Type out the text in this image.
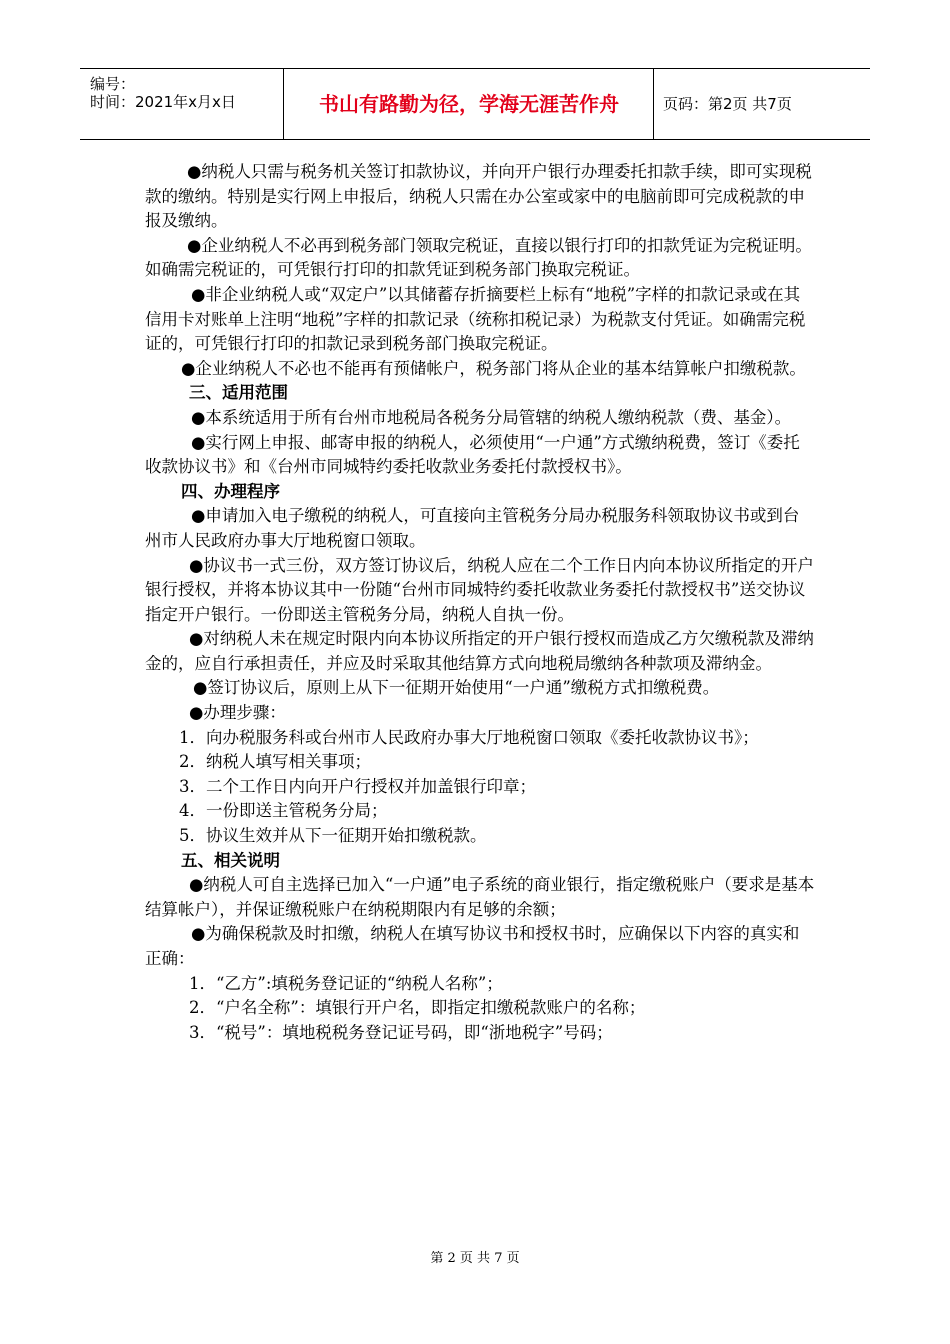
编号：
时间：2021年x月x日	书山有路勤为径，学海无涯苦作舟	页码：第2页 共7页

●纳税人只需与税务机关签订扣款协议，并向开户银行办理委托扣款手续，即可实现税款的缴纳。特别是实行网上申报后，纳税人只需在办公室或家中的电脑前即可完成税款的申报及缴纳。

●企业纳税人不必再到税务部门领取完税证，直接以银行打印的扣款凭证为完税证明。如确需完税证的，可凭银行打印的扣款凭证到税务部门换取完税证。

●非企业纳税人或“双定户”以其储蓄存折摘要栏上标有“地税”字样的扣款记录或在其信用卡对账单上注明“地税”字样的扣款记录（统称扣税记录）为税款支付凭证。如确需完税证的，可凭银行打印的扣款记录到税务部门换取完税证。

●企业纳税人不必也不能再有预储帐户，税务部门将从企业的基本结算帐户扣缴税款。

三、适用范围

●本系统适用于所有台州市地税局各税务分局管辖的纳税人缴纳税款（费、基金）。

●实行网上申报、邮寄申报的纳税人，必须使用“一户通”方式缴纳税费，签订《委托收款协议书》和《台州市同城特约委托收款业务委托付款授权书》。

四、办理程序

●申请加入电子缴税的纳税人，可直接向主管税务分局办税服务科领取协议书或到台州市人民政府办事大厅地税窗口领取。

●协议书一式三份，双方签订协议后，纳税人应在二个工作日内向本协议所指定的开户银行授权，并将本协议其中一份随“台州市同城特约委托收款业务委托付款授权书”送交协议指定开户银行。一份即送主管税务分局，纳税人自执一份。

●对纳税人未在规定时限内向本协议所指定的开户银行授权而造成乙方欠缴税款及滞纳金的，应自行承担责任，并应及时采取其他结算方式向地税局缴纳各种款项及滞纳金。

●签订协议后，原则上从下一征期开始使用“一户通”缴税方式扣缴税费。

●办理步骤：

1．向办税服务科或台州市人民政府办事大厅地税窗口领取《委托收款协议书》；

2．纳税人填写相关事项；

3．二个工作日内向开户行授权并加盖银行印章；

4．一份即送主管税务分局；

5．协议生效并从下一征期开始扣缴税款。

五、相关说明

●纳税人可自主选择已加入“一户通”电子系统的商业银行，指定缴税账户（要求是基本结算帐户），并保证缴税账户在纳税期限内有足够的余额；

●为确保税款及时扣缴，纳税人在填写协议书和授权书时，应确保以下内容的真实和正确：

1．“乙方”:填税务登记证的“纳税人名称”；

2．“户名全称”：填银行开户名，即指定扣缴税款账户的名称；

3．“税号”：填地税税务登记证号码，即“浙地税字”号码；

第 2 页 共 7 页
